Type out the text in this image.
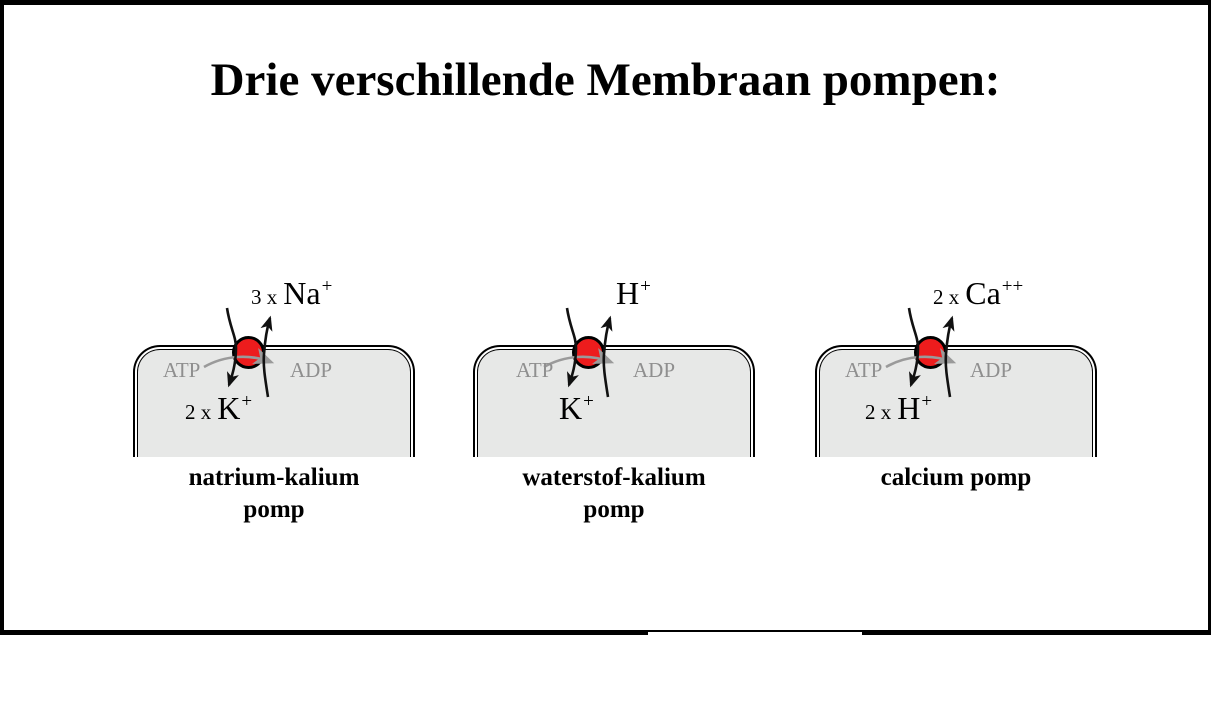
Drie verschillende Membraan pompen:
3 x Na+
2 x K+
ATP	ADP
natrium-kalium
pomp
H+
K+
ATP	ADP
waterstof-kalium
pomp
2 x Ca++
2 x H+
ATP	ADP
calcium pomp
